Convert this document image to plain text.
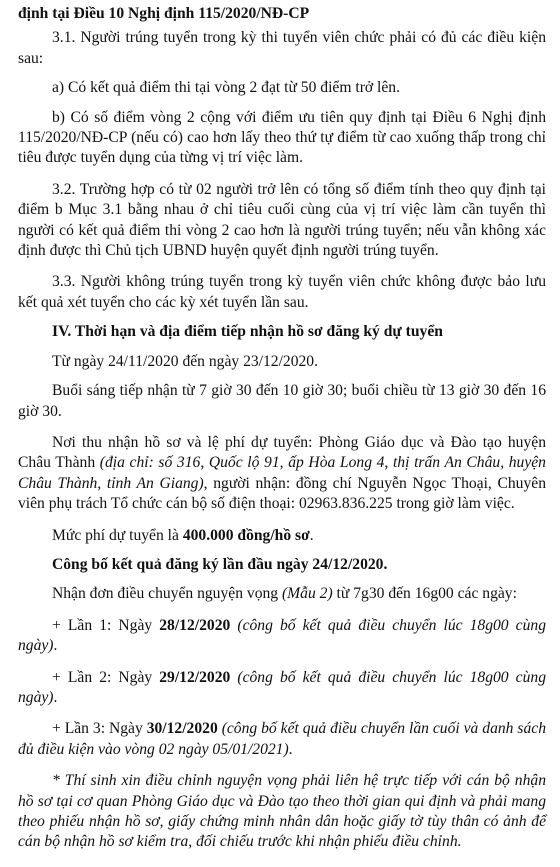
định tại Điều 10 Nghị định 115/2020/NĐ-CP

3.1. Người trúng tuyển trong kỳ thi tuyển viên chức phải có đủ các điều kiện sau:

a) Có kết quả điểm thi tại vòng 2 đạt từ 50 điểm trở lên.

b) Có số điểm vòng 2 cộng với điểm ưu tiên quy định tại Điều 6 Nghị định 115/2020/NĐ-CP (nếu có) cao hơn lấy theo thứ tự điểm từ cao xuống thấp trong chỉ tiêu được tuyển dụng của từng vị trí việc làm.

3.2. Trường hợp có từ 02 người trở lên có tổng số điểm tính theo quy định tại điểm b Mục 3.1 bằng nhau ở chỉ tiêu cuối cùng của vị trí việc làm cần tuyển thì người có kết quả điểm thi vòng 2 cao hơn là người trúng tuyển; nếu vẫn không xác định được thì Chủ tịch UBND huyện quyết định người trúng tuyển.

3.3. Người không trúng tuyển trong kỳ tuyển viên chức không được bảo lưu kết quả xét tuyển cho các kỳ xét tuyển lần sau.

IV. Thời hạn và địa điểm tiếp nhận hồ sơ đăng ký dự tuyển

Từ ngày 24/11/2020 đến ngày 23/12/2020.

Buổi sáng tiếp nhận từ 7 giờ 30 đến 10 giờ 30; buổi chiều từ 13 giờ 30 đến 16 giờ 30.

Nơi thu nhận hồ sơ và lệ phí dự tuyển: Phòng Giáo dục và Đào tạo huyện Châu Thành (địa chỉ: số 316, Quốc lộ 91, ấp Hòa Long 4, thị trấn An Châu, huyện Châu Thành, tỉnh An Giang), người nhận: đồng chí Nguyễn Ngọc Thoại, Chuyên viên phụ trách Tổ chức cán bộ số điện thoại: 02963.836.225 trong giờ làm việc.

Mức phí dự tuyển là 400.000 đồng/hồ sơ.

Công bố kết quả đăng ký lần đầu ngày 24/12/2020.

Nhận đơn điều chuyển nguyện vọng (Mẫu 2) từ 7g30 đến 16g00 các ngày:

+ Lần 1: Ngày 28/12/2020 (công bố kết quả điều chuyển lúc 18g00 cùng ngày).

+ Lần 2: Ngày 29/12/2020 (công bố kết quả điều chuyển lúc 18g00 cùng ngày).

+ Lần 3: Ngày 30/12/2020 (công bố kết quả điều chuyển lần cuối và danh sách đủ điều kiện vào vòng 02 ngày 05/01/2021).

* Thí sinh xin điều chỉnh nguyện vọng phải liên hệ trực tiếp với cán bộ nhận hồ sơ tại cơ quan Phòng Giáo dục và Đào tạo theo thời gian qui định và phải mang theo phiếu nhận hồ sơ, giấy chứng minh nhân dân hoặc giấy tờ tùy thân có ảnh để cán bộ nhận hồ sơ kiểm tra, đối chiếu trước khi nhận phiếu điều chỉnh.
